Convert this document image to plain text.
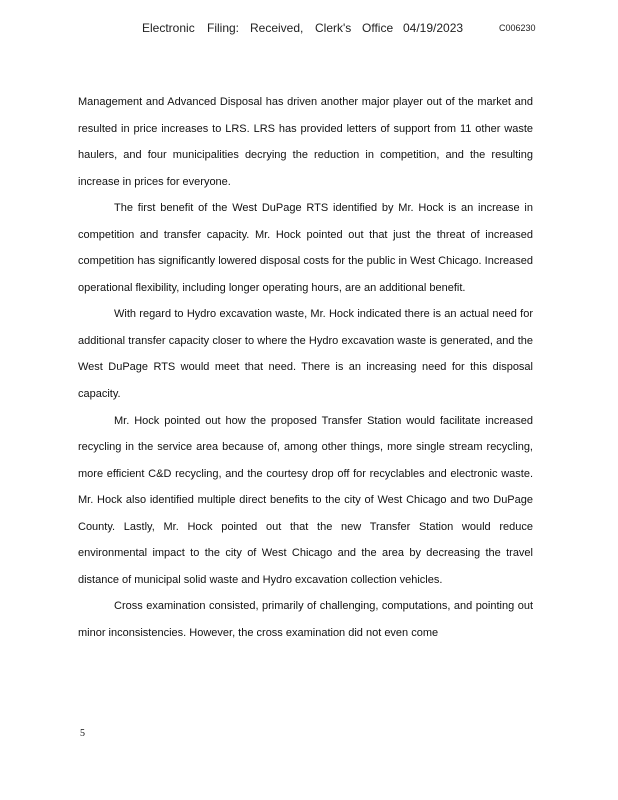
Electronic Filing: Received, Clerk's Office 04/19/2023	C006230

Management and Advanced Disposal has driven another major player out of the market and resulted in price increases to LRS. LRS has provided letters of support from 11 other waste haulers, and four municipalities decrying the reduction in competition, and the resulting increase in prices for everyone.

The first benefit of the West DuPage RTS identified by Mr. Hock is an increase in competition and transfer capacity. Mr. Hock pointed out that just the threat of increased competition has significantly lowered disposal costs for the public in West Chicago. Increased operational flexibility, including longer operating hours, are an additional benefit.

With regard to Hydro excavation waste, Mr. Hock indicated there is an actual need for additional transfer capacity closer to where the Hydro excavation waste is generated, and the West DuPage RTS would meet that need. There is an increasing need for this disposal capacity.

Mr. Hock pointed out how the proposed Transfer Station would facilitate increased recycling in the service area because of, among other things, more single stream recycling, more efficient C&D recycling, and the courtesy drop off for recyclables and electronic waste. Mr. Hock also identified multiple direct benefits to the city of West Chicago and two DuPage County. Lastly, Mr. Hock pointed out that the new Transfer Station would reduce environmental impact to the city of West Chicago and the area by decreasing the travel distance of municipal solid waste and Hydro excavation collection vehicles.

Cross examination consisted, primarily of challenging, computations, and pointing out minor inconsistencies. However, the cross examination did not even come

5
